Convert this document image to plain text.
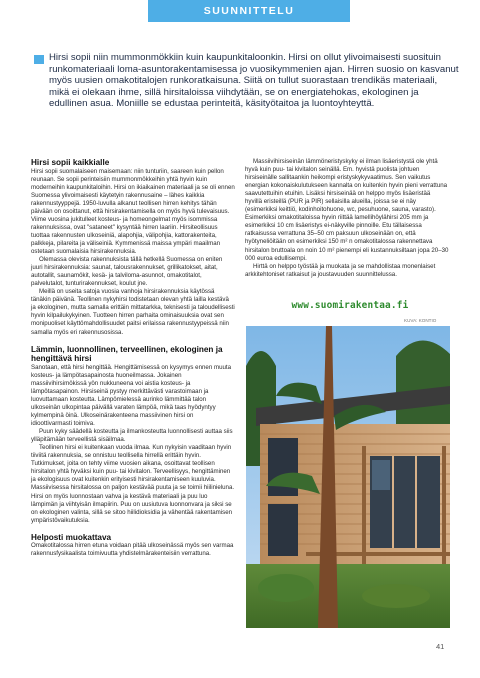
SUUNNITTELU

Hirsi sopii niin mummonmökkiin kuin kaupunkitaloonkin. Hirsi on ollut ylivoimaisesti suosituin runkomateriaali loma-asuntorakentamisessa jo vuosikymmenien ajan. Hirren suosio on kasvanut myös uusien omakotitalojen runkoratkaisuna. Siitä on tullut suorastaan trendikäs materiaali, mikä ei olekaan ihme, sillä hirsitaloissa viihdytään, se on energiatehokas, ekologinen ja edullinen asua. Moniille se edustaa perinteitä, käsityötaitoa ja luontoyhteyttä.

Hirsi sopii kaikkialle

Hirsi sopii suomalaiseen maisemaan: niin tunturiin, saareen kuin pellon reunaan. Se sopii perinteisiin mummonmökkeihin yhtä hyvin kuin moderneihin kaupunkitaloihin. Hirsi on ikiaikainen materiaali ja se oli ennen Suomessa ylivoimaisesti käytetyin rakennusaine – lähes kaikkia rakennustyyppejä. 1950-luvulla alkanut teollisen hirren kehitys tähän päivään on osoittanut, että hirsirakentamisella on myös hyvä tulevaisuus. Viime vuosina jukitulleet kosteus- ja homeongelmat myös isommissa rakennuksissa, ovat "sataneet" kysyntää hirren laariin. Hirsiteollisuus tuottaa rakennusten ulkoseiniä, alapohjia, välipohjia, kattorakenteita, palkkeja, pilareita ja väliseiniä. Kymmenissä maissa ympäri maailman ostetaan suomalaisia hirsirakennuksia.

Olemassa olevista rakennuksista tällä hetkellä Suomessa on eniten juuri hirsirakennuksia: saunat, talousrakennukset, grillikatokset, aitat, autotallit, saunamökit, kesä- ja talviloma-asunnot, omakotitalot, palvelutalot, tunturirakennukset, koulut jne.

Meillä on useita satoja vuosia vanhoja hirsirakennuksia käytössä tänäkin päivänä. Teollinen nykyhirsi todistetaan olevan yhtä laillа kestävä ja ekologinen, mutta samalla erittäin mittatarkka, teknisesti ja taloudellisesti hyvin kilpailukykyinen. Tuotteen hirren parhaita ominaisuuksia ovat sen monipuoliset käyttömahdollisuudet paitsi erilaissa rakennustyypeissä niin samalla myös eri rakennusosissa.

Lämmin, luonnollinen, terveellinen, ekologinen ja hengittävä hirsi

Sanotaan, että hirsi hengittää. Hengittämisessä on kysymys ennen muuta kosteus- ja lämpötasapainosta huoneilmassa. Jokainen massiivihirsimökissä yön nukkuneena voi aistia kosteus- ja lämpötasapainon. Hirsiseinä pystyy merkittävästi varastoimaan ja luovuttamaan kosteutta. Lämpömielessä aurinko lämmittää talon ulkoseinän ulkopintaa päivällä varaten lämpöä, mikä taas hyödyntyy kylmempinä öinä. Ulkoseinärakenteena massiivinen hirsi on idioottivarmasti toimiva.

Puun kyky säädellä kosteutta ja ilmankosteutta luonnollisesti auttaa siis ylläpitämään terveellistä sisäilmaa.

Teollinen hirsi ei kuitenkaan vuoda ilmaa. Kun nykyisin vaaditaan hyvin tiiviitä rakennuksia, se onnistuu teollisella hirrellä erittäin hyvin. Tutkimukset, joita on tehty viime vuosien aikana, osoittavat teollisen hirsitalon yhtä hyväksi kuin puu- tai kivitalon. Terveellisyys, hengittäminen ja ekologisuus ovat kuitenkin erityisesti hirsirakentamiseen kuuluvia. Massiivisessa hirsitalossa on paljon kestävää puuta ja se toimii hiilinieluna. Hirsi on myös luonnostaan vahva ja kestävä materiaali ja puu luo lämpimän ja viihtyisän ilmapiirin. Puu on uusiutuva luonnonvara ja siksi se on ekologinen valinta, sillä se sitoo hiilidioksidia ja vähentää rakentamisen ympäristövaikutuksia.

Helposti muokattava

Omakotitalossa hirren etuna voidaan pitää ulkoseinässä myös sen varmaa rakennusfysikaalista toimivuutta yhdistelmärakenteisiin verrattuna.

Massiivihirsiseinän lämmöneristyskyky ei ilman lisäeristystä ole yhtä hyvä kuin puu- tai kivitalon seinällä. Em. hyvistä puolista johtuen hirsiseinälle sallitaankin heikompi eristyskykyvaatimus. Sen vaikutus energian kokonaiskulutukseen kannalta on kuitenkin hyvin pieni verrattuna saavutettuihin etuihin. Lisäksi hirsiseinää on helppo myös lisäeristää hyvillä eristeillä (PUR ja PIR) sellaisilla alueilla, joissa se ei näy (esimerkiksi keittiö, kodinhoitohuone, wc, pesuhuone, sauna, varasto). Esimerkiksi omakotitaloissa hyvin riittää lamellihöylähirsi 205 mm ja esimerkiksi 10 cm lisäeristys ei-näkyville pinnoille. Etu tällaisessa ratkaisussa verrattuna 35–50 cm paksuun ulkoseinään on, että hyötyneliöitään on esimerkiksi 150 m² n omakotitalossa rakennettava hirsitalon bruttoala on noin 10 m² pienempi eli kustannuksiltaan jopa 20–30 000 euroa edullisempi.

Hirttä on helppo työstää ja muokata ja se mahdollistaa monenlaiset arkkitehtoniset ratkaisut ja joustavuuden suunnittelussa.

www.suomirakentaa.fi
KUVA: KONTIO
41
